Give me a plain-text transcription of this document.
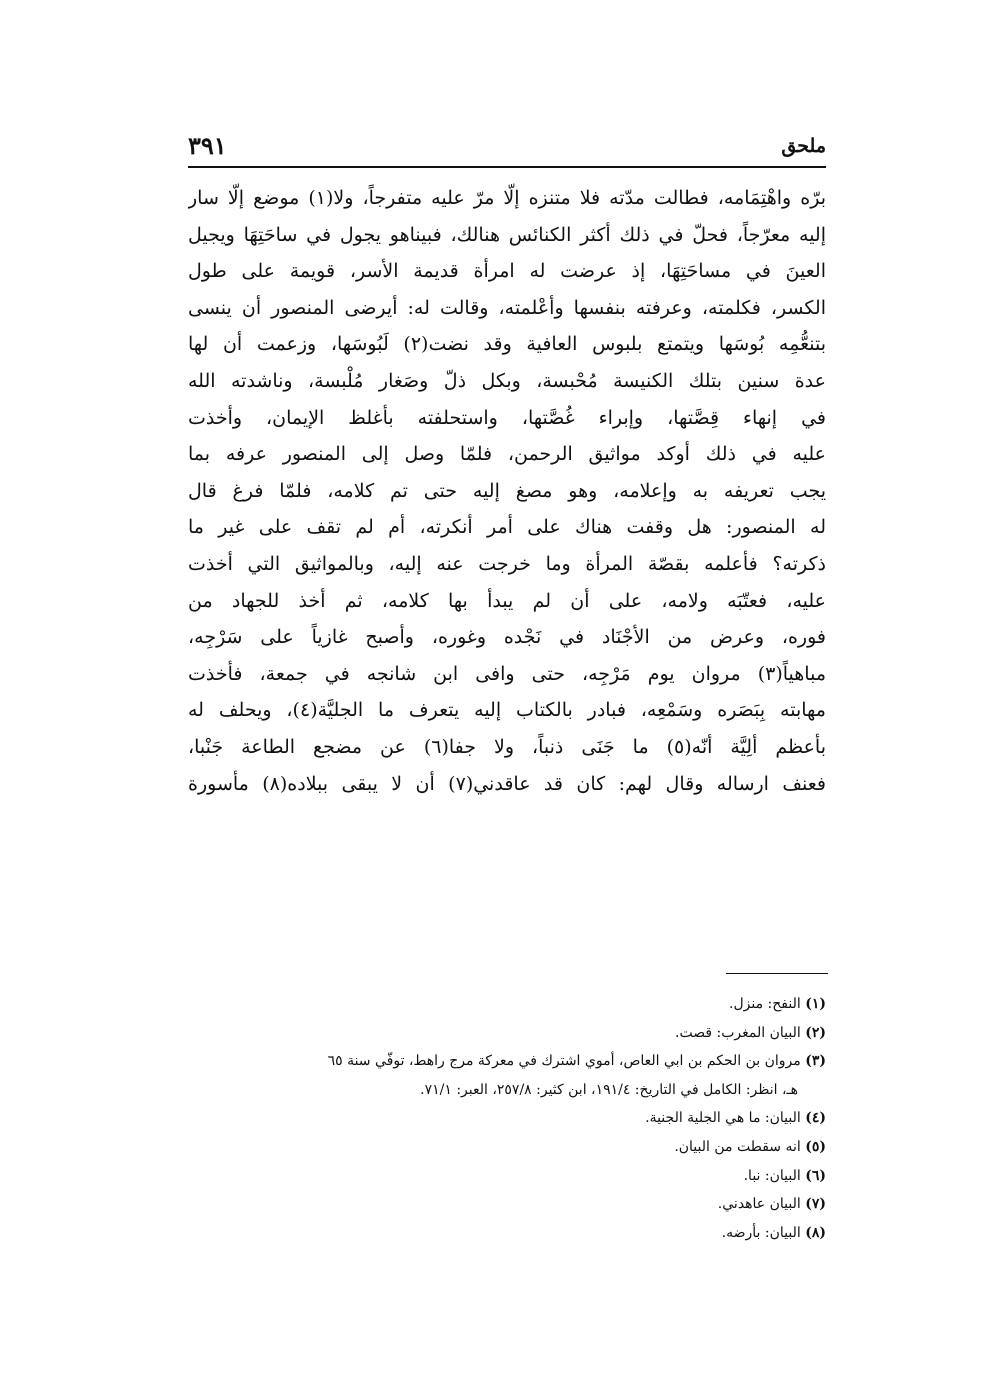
ملحق
٣٩١
برّه واهْتِمَامه، فطالت مدّته فلا متنزه إلّا مرّ عليه متفرجاً، ولا(١) موضع إلّا سار
إليه معرّجاً، فحلّ في ذلك أكثر الكنائس هنالك، فبيناهو يجول في ساحَتِهَا ويجيل
العينَ في مساحَتِهَا، إذ عرضت له امرأة قديمة الأسر، قويمة على طول
الكسر، فكلمته، وعرفته بنفسها وأعْلمته، وقالت له: أيرضى المنصور أن ينسى
بتنعُّمِه بُوسَها ويتمتع بلبوس العافية وقد نضت(٢) لَبُوسَها، وزعمت أن لها
عدة سنين بتلك الكنيسة مُحْبسة، وبكل ذلّ وصَغار مُلْبسة، وناشدته الله
في إنهاء قِصَّتها، وإبراء غُصَّتها، واستحلفته بأغلظ الإيمان، وأخذت
عليه في ذلك أوكد مواثيق الرحمن، فلمّا وصل إلى المنصور عرفه بما
يجب تعريفه به وإعلامه، وهو مصغ إليه حتى تم كلامه، فلمّا فرغ قال
له المنصور: هل وقفت هناك على أمر أنكرته، أم لم تقف على غير ما
ذكرته؟ فأعلمه بقصّة المرأة وما خرجت عنه إليه، وبالمواثيق التي أخذت
عليه، فعتّبَه ولامه، على أن لم يبدأ بها كلامه، ثم أخذ للجهاد من
فوره، وعرض من الأجْنَاد في نَجْده وغوره، وأصبح غازياً على سَرْجِه،
مباهياً(٣) مروان يوم مَرْجِه، حتى وافى ابن شانجه في جمعة، فأخذت
مهابته بِبَصَره وسَمْعِه، فبادر بالكتاب إليه يتعرف ما الجليَّة(٤)، ويحلف له
بأعظم ألِيَّة أنّه(٥) ما جَنَى ذنباً، ولا جفا(٦) عن مضجع الطاعة جَنْبا،
فعنف ارساله وقال لهم: كان قد عاقدني(٧) أن لا يبقى ببلاده(٨) مأسورة
(١) النفح: منزل.
(٢) البيان المغرب: قصت.
(٣) مروان بن الحكم بن ابي العاص، أموي اشترك في معركة مرج راهط، توفّي سنة ٦٥
هـ، انظر: الكامل في التاريخ: ١٩١/٤، ابن كثير: ٢٥٧/٨، العبر: ٧١/١.
(٤) البيان: ما هي الجلية الجنية.
(٥) انه سقطت من البيان.
(٦) البيان: نبا.
(٧) البيان عاهدني.
(٨) البيان: بأرضه.
